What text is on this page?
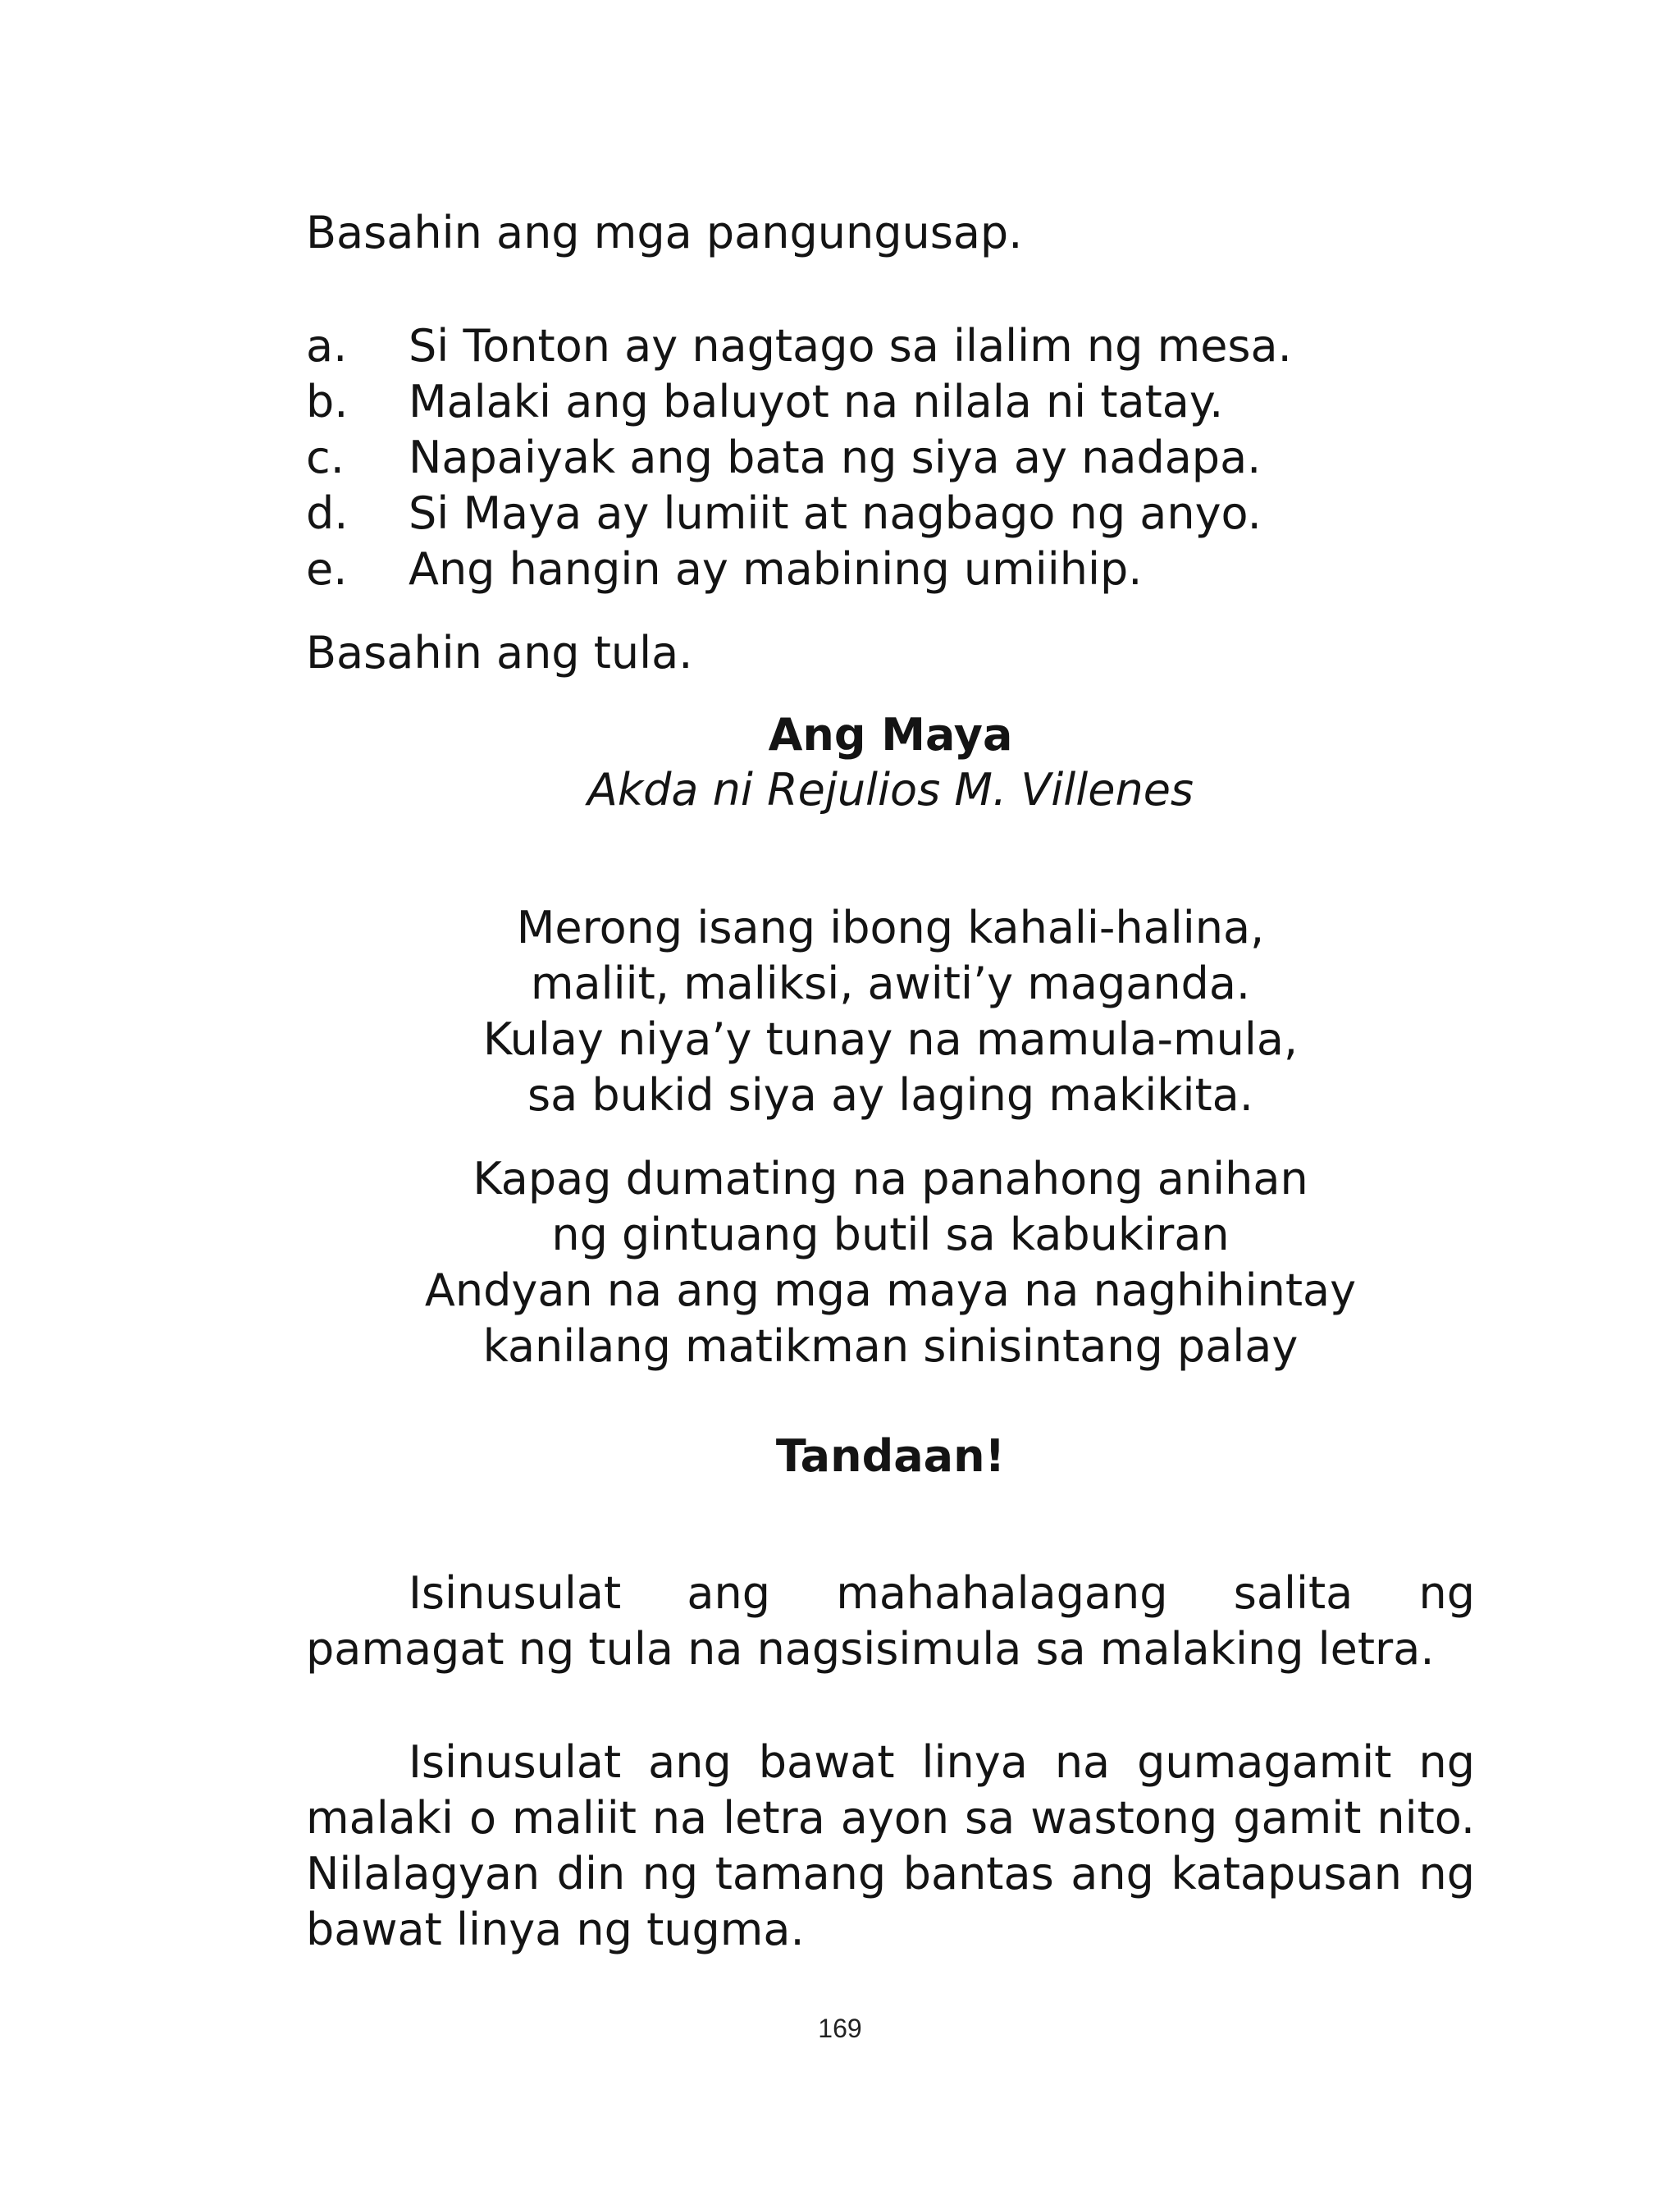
Basahin ang mga pangungusap.
a.	Si Tonton ay nagtago sa ilalim ng mesa.
b.	Malaki ang baluyot na nilala ni tatay.
c.	Napaiyak ang bata ng siya ay nadapa.
d.	Si Maya ay lumiit at nagbago ng anyo.
e.	Ang hangin ay mabining umiihip.
Basahin ang tula.
Ang Maya
Akda ni Rejulios M. Villenes
Merong isang ibong kahali-halina,
maliit, maliksi, awiti’y maganda.
Kulay niya’y tunay na mamula-mula,
sa bukid siya ay laging makikita.
Kapag dumating na panahong anihan
ng gintuang butil sa kabukiran
Andyan na ang mga maya na naghihintay
kanilang matikman sinisintang palay
Tandaan!

Isinusulat ang mahahalagang salita ng pamagat ng tula na nagsisimula sa malaking letra.

Isinusulat ang bawat linya na gumagamit ng malaki o maliit na letra ayon sa wastong gamit nito. Nilalagyan din ng tamang bantas ang katapusan ng bawat linya ng tugma.

169
